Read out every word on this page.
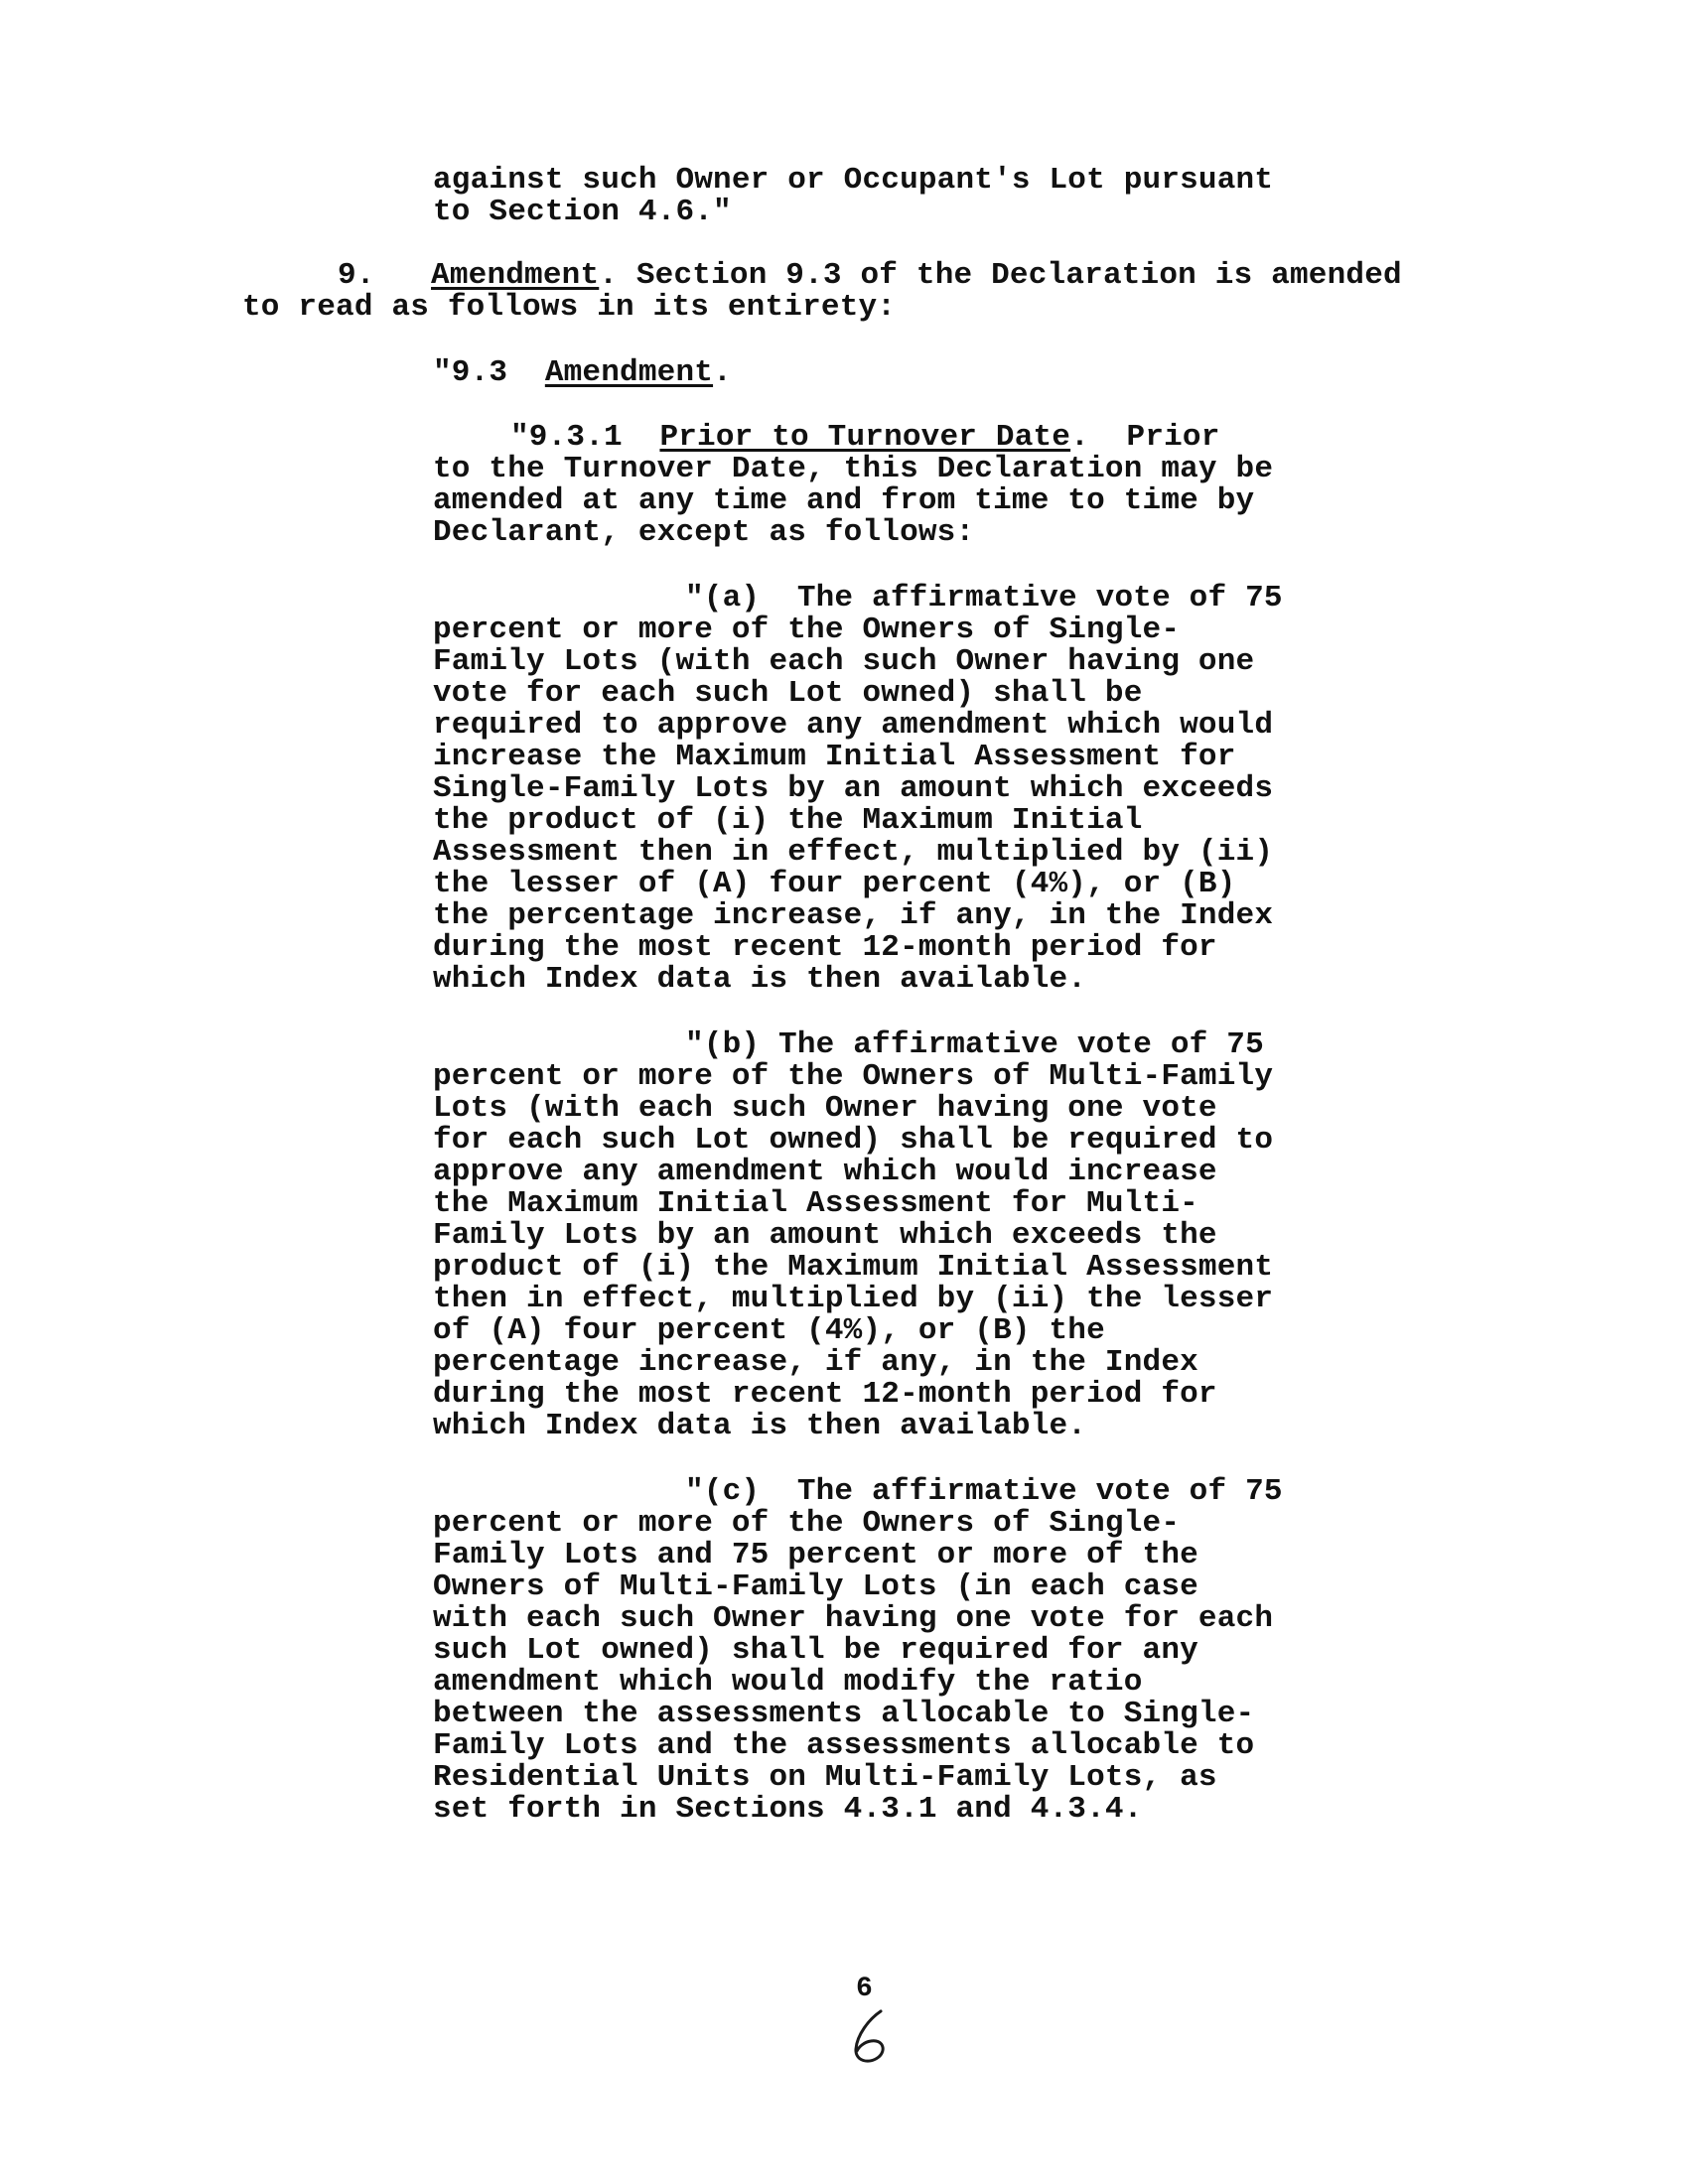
against such Owner or Occupant's Lot pursuant
to Section 4.6."
9. Amendment. Section 9.3 of the Declaration is amended
to read as follows in its entirety:
"9.3  Amendment.
"9.3.1  Prior to Turnover Date.  Prior
to the Turnover Date, this Declaration may be
amended at any time and from time to time by
Declarant, except as follows:
"(a)  The affirmative vote of 75
percent or more of the Owners of Single-
Family Lots (with each such Owner having one
vote for each such Lot owned) shall be
required to approve any amendment which would
increase the Maximum Initial Assessment for
Single-Family Lots by an amount which exceeds
the product of (i) the Maximum Initial
Assessment then in effect, multiplied by (ii)
the lesser of (A) four percent (4%), or (B)
the percentage increase, if any, in the Index
during the most recent 12-month period for
which Index data is then available.
"(b) The affirmative vote of 75
percent or more of the Owners of Multi-Family
Lots (with each such Owner having one vote
for each such Lot owned) shall be required to
approve any amendment which would increase
the Maximum Initial Assessment for Multi-
Family Lots by an amount which exceeds the
product of (i) the Maximum Initial Assessment
then in effect, multiplied by (ii) the lesser
of (A) four percent (4%), or (B) the
percentage increase, if any, in the Index
during the most recent 12-month period for
which Index data is then available.
"(c)  The affirmative vote of 75
percent or more of the Owners of Single-
Family Lots and 75 percent or more of the
Owners of Multi-Family Lots (in each case
with each such Owner having one vote for each
such Lot owned) shall be required for any
amendment which would modify the ratio
between the assessments allocable to Single-
Family Lots and the assessments allocable to
Residential Units on Multi-Family Lots, as
set forth in Sections 4.3.1 and 4.3.4.
6
